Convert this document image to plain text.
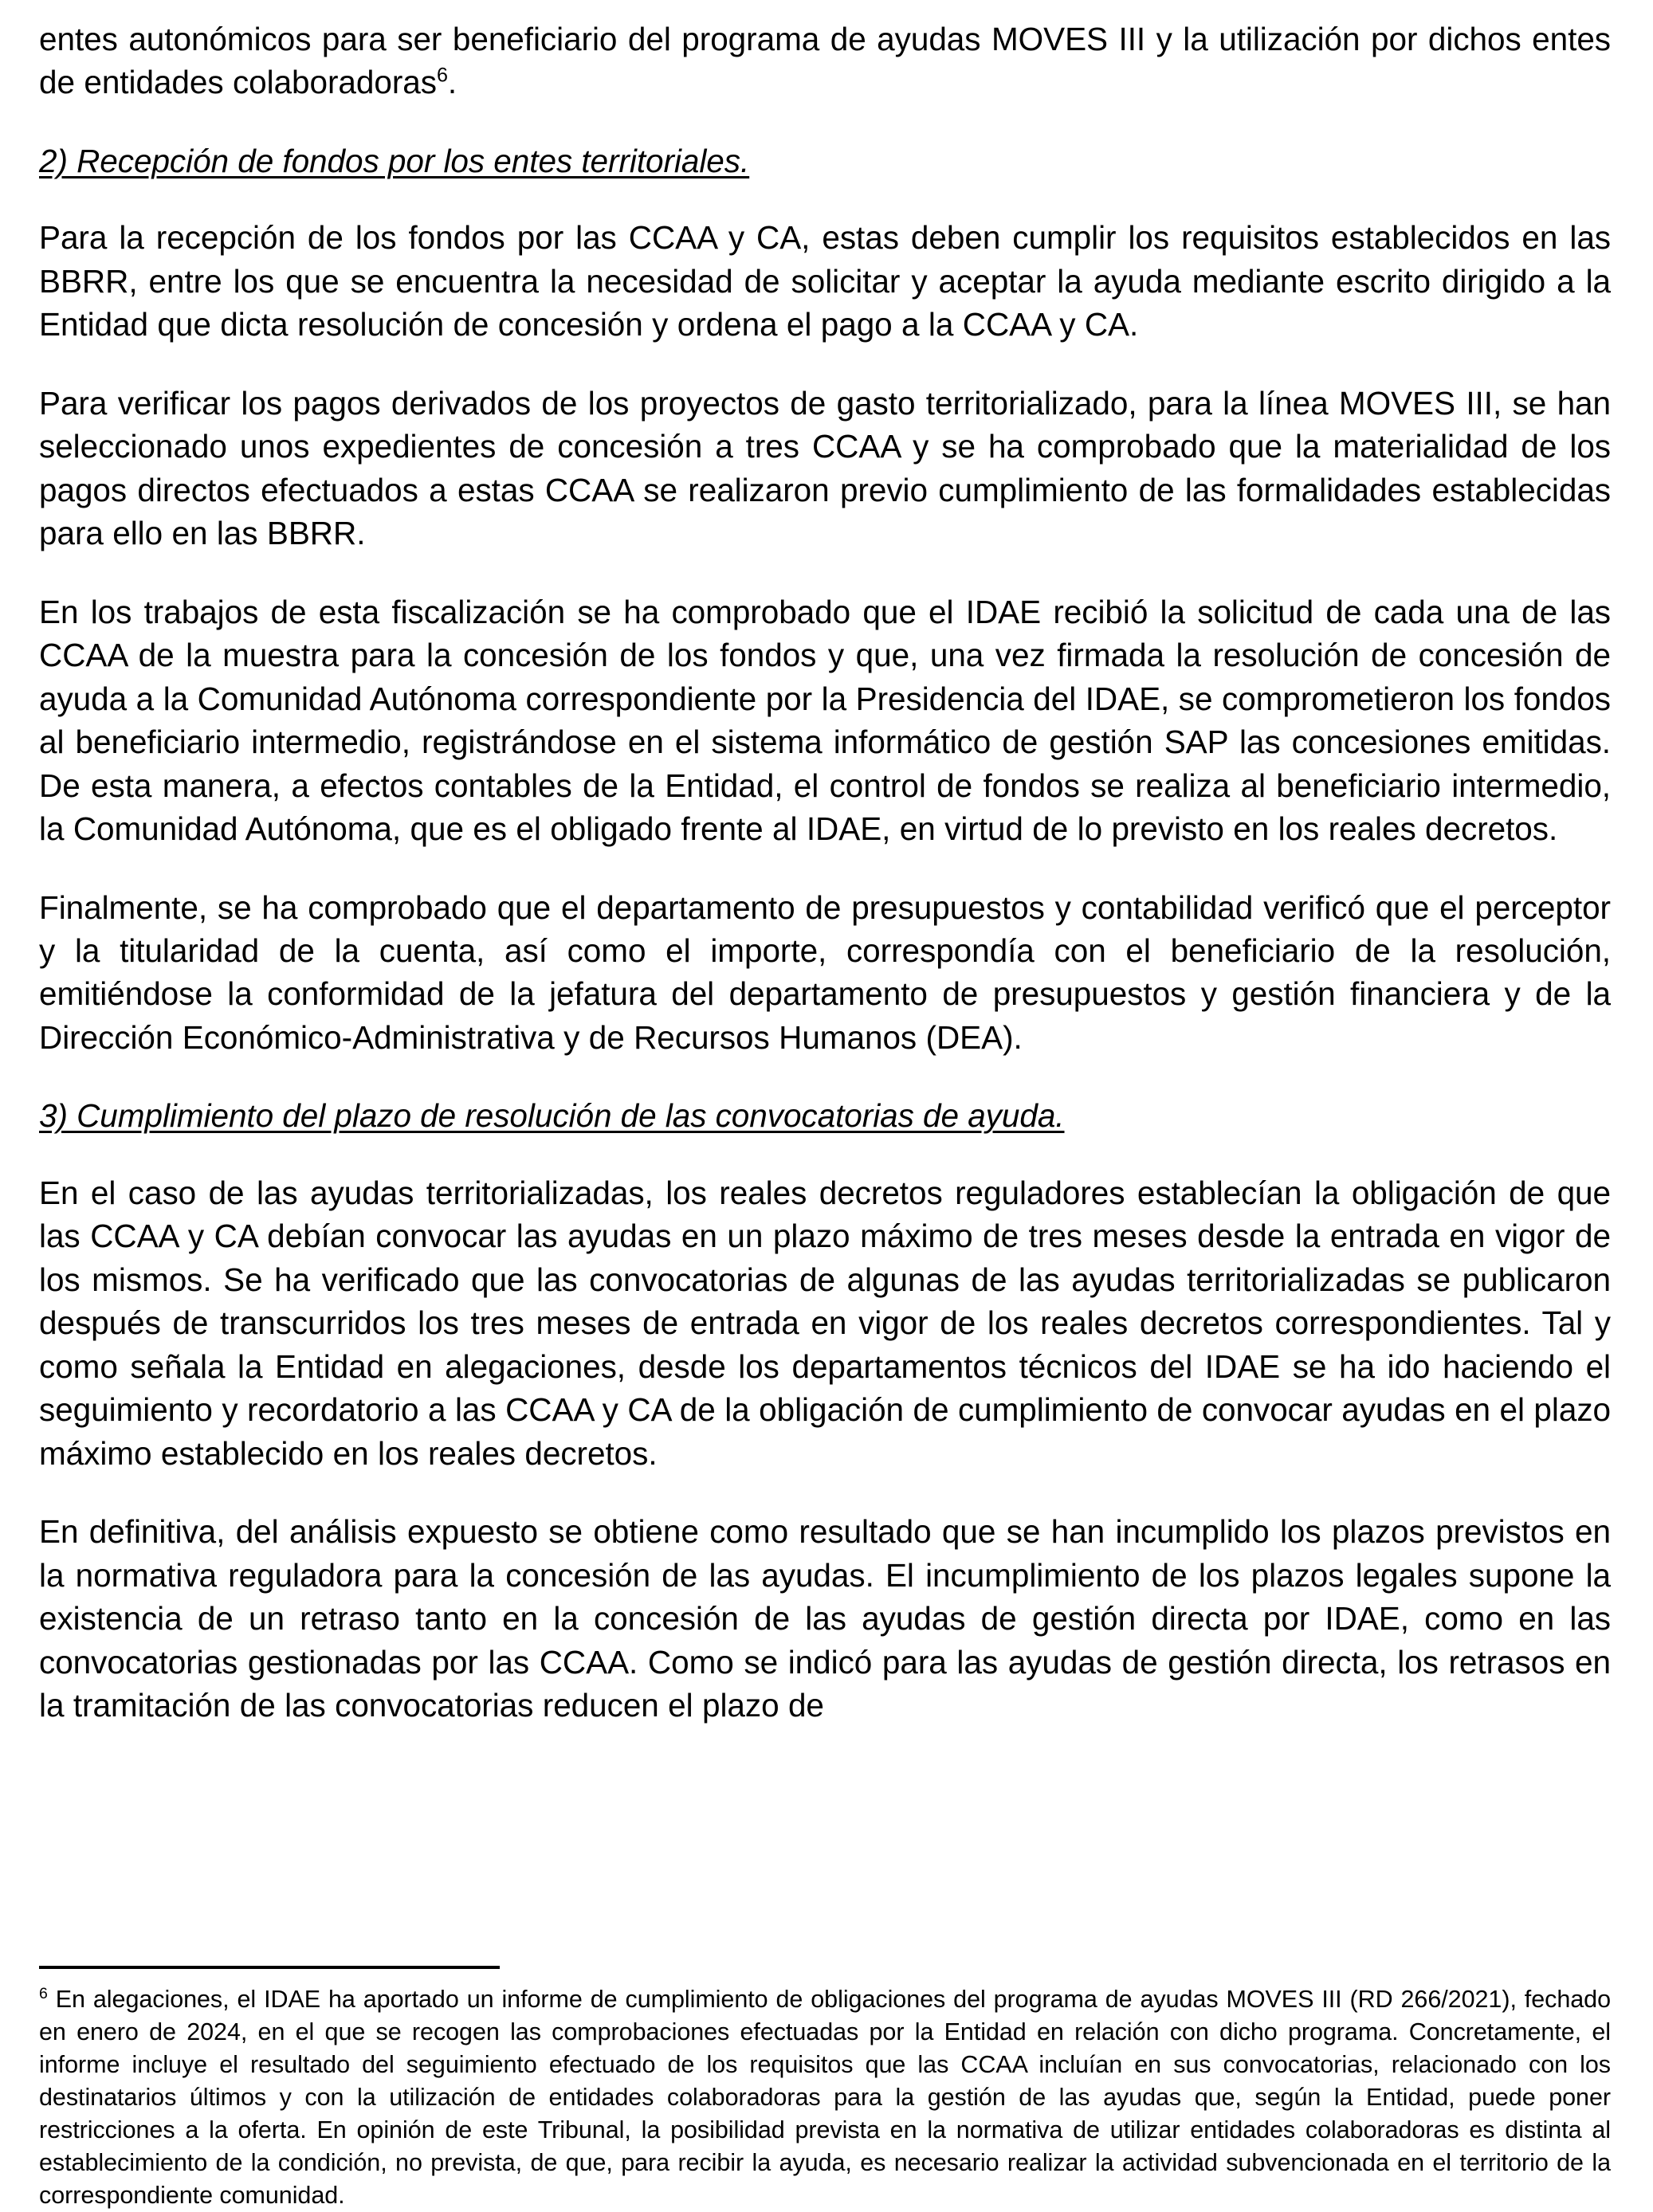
entes autonómicos para ser beneficiario del programa de ayudas MOVES III y la utilización por dichos entes de entidades colaboradoras$^6$.

2) Recepción de fondos por los entes territoriales.

Para la recepción de los fondos por las CCAA y CA, estas deben cumplir los requisitos establecidos en las BBRR, entre los que se encuentra la necesidad de solicitar y aceptar la ayuda mediante escrito dirigido a la Entidad que dicta resolución de concesión y ordena el pago a la CCAA y CA.

Para verificar los pagos derivados de los proyectos de gasto territorializado, para la línea MOVES III, se han seleccionado unos expedientes de concesión a tres CCAA y se ha comprobado que la materialidad de los pagos directos efectuados a estas CCAA se realizaron previo cumplimiento de las formalidades establecidas para ello en las BBRR.

En los trabajos de esta fiscalización se ha comprobado que el IDAE recibió la solicitud de cada una de las CCAA de la muestra para la concesión de los fondos y que, una vez firmada la resolución de concesión de ayuda a la Comunidad Autónoma correspondiente por la Presidencia del IDAE, se comprometieron los fondos al beneficiario intermedio, registrándose en el sistema informático de gestión SAP las concesiones emitidas. De esta manera, a efectos contables de la Entidad, el control de fondos se realiza al beneficiario intermedio, la Comunidad Autónoma, que es el obligado frente al IDAE, en virtud de lo previsto en los reales decretos.

Finalmente, se ha comprobado que el departamento de presupuestos y contabilidad verificó que el perceptor y la titularidad de la cuenta, así como el importe, correspondía con el beneficiario de la resolución, emitiéndose la conformidad de la jefatura del departamento de presupuestos y gestión financiera y de la Dirección Económico-Administrativa y de Recursos Humanos (DEA).

3) Cumplimiento del plazo de resolución de las convocatorias de ayuda.

En el caso de las ayudas territorializadas, los reales decretos reguladores establecían la obligación de que las CCAA y CA debían convocar las ayudas en un plazo máximo de tres meses desde la entrada en vigor de los mismos. Se ha verificado que las convocatorias de algunas de las ayudas territorializadas se publicaron después de transcurridos los tres meses de entrada en vigor de los reales decretos correspondientes. Tal y como señala la Entidad en alegaciones, desde los departamentos técnicos del IDAE se ha ido haciendo el seguimiento y recordatorio a las CCAA y CA de la obligación de cumplimiento de convocar ayudas en el plazo máximo establecido en los reales decretos.

En definitiva, del análisis expuesto se obtiene como resultado que se han incumplido los plazos previstos en la normativa reguladora para la concesión de las ayudas. El incumplimiento de los plazos legales supone la existencia de un retraso tanto en la concesión de las ayudas de gestión directa por IDAE, como en las convocatorias gestionadas por las CCAA. Como se indicó para las ayudas de gestión directa, los retrasos en la tramitación de las convocatorias reducen el plazo de

$^6$ En alegaciones, el IDAE ha aportado un informe de cumplimiento de obligaciones del programa de ayudas MOVES III (RD 266/2021), fechado en enero de 2024, en el que se recogen las comprobaciones efectuadas por la Entidad en relación con dicho programa. Concretamente, el informe incluye el resultado del seguimiento efectuado de los requisitos que las CCAA incluían en sus convocatorias, relacionado con los destinatarios últimos y con la utilización de entidades colaboradoras para la gestión de las ayudas que, según la Entidad, puede poner restricciones a la oferta. En opinión de este Tribunal, la posibilidad prevista en la normativa de utilizar entidades colaboradoras es distinta al establecimiento de la condición, no prevista, de que, para recibir la ayuda, es necesario realizar la actividad subvencionada en el territorio de la correspondiente comunidad.
